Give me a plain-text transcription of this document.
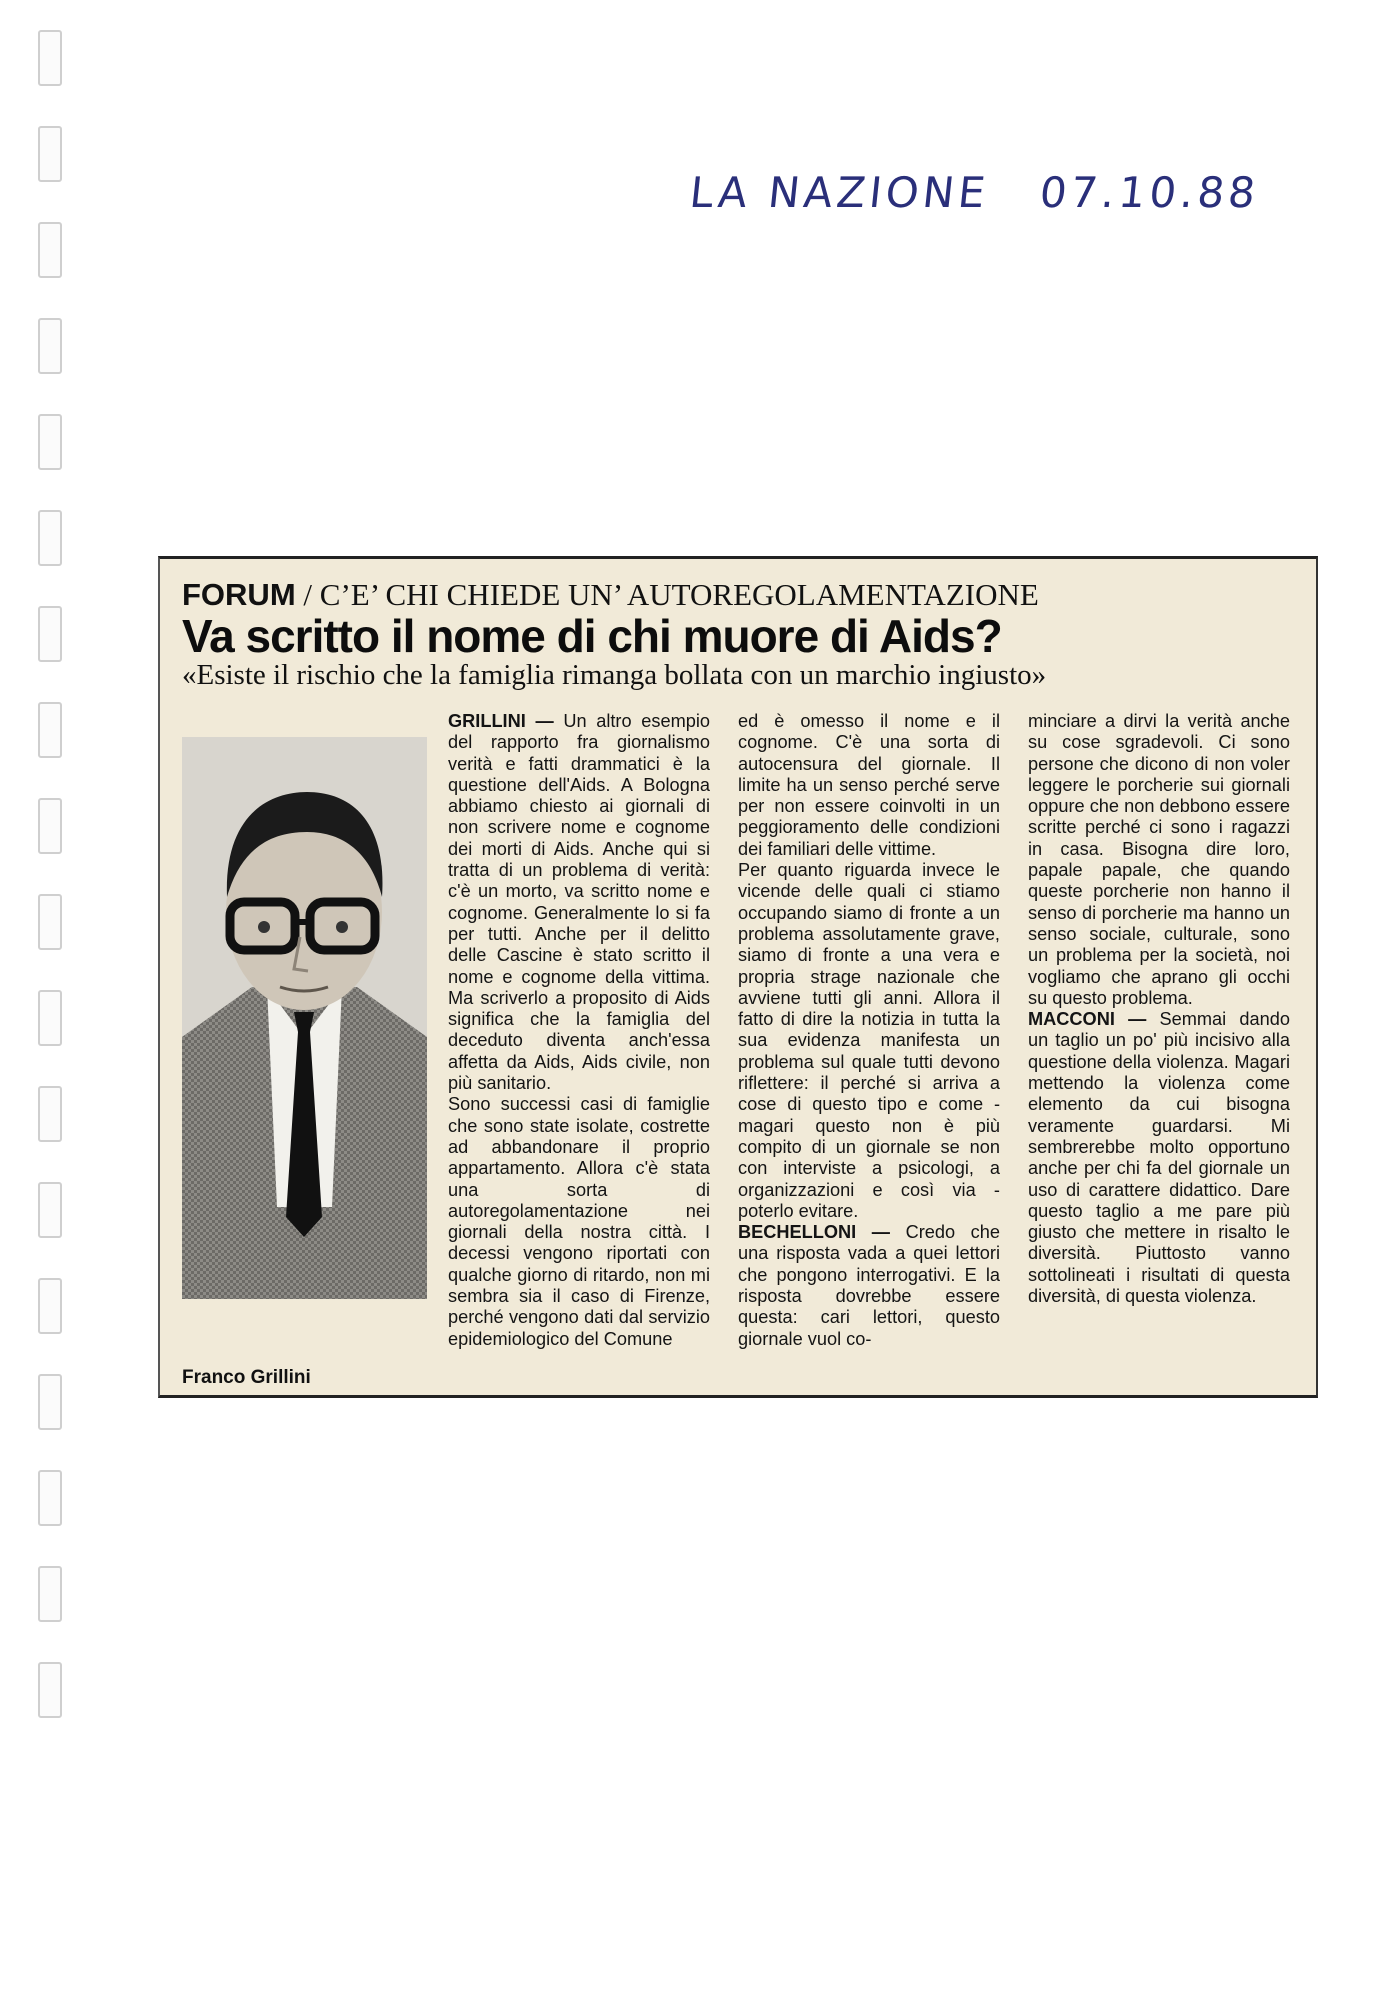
LA NAZIONE 07.10.88
FORUM / C’E’ CHI CHIEDE UN’ AUTOREGOLAMENTAZIONE
Va scritto il nome di chi muore di Aids?
«Esiste il rischio che la famiglia rimanga bollata con un marchio ingiusto»
Franco Grillini

GRILLINI — Un altro esempio del rapporto fra giornalismo verità e fatti drammatici è la questione dell'Aids. A Bologna abbiamo chiesto ai giornali di non scrivere nome e cognome dei morti di Aids. Anche qui si tratta di un problema di verità: c'è un morto, va scritto nome e cognome. Generalmente lo si fa per tutti. Anche per il delitto delle Cascine è stato scritto il nome e cognome della vittima. Ma scriverlo a proposito di Aids significa che la famiglia del deceduto diventa anch'essa affetta da Aids, Aids civile, non più sanitario.

Sono successi casi di famiglie che sono state isolate, costrette ad abbandonare il proprio appartamento. Allora c'è stata una sorta di autoregolamentazione nei giornali della nostra città. I decessi vengono riportati con qualche giorno di ritardo, non mi sembra sia il caso di Firenze, perché vengono dati dal servizio epidemiologico del Comune

ed è omesso il nome e il cognome. C'è una sorta di autocensura del giornale. Il limite ha un senso perché serve per non essere coinvolti in un peggioramento delle condizioni dei familiari delle vittime.

Per quanto riguarda invece le vicende delle quali ci stiamo occupando siamo di fronte a un problema assolutamente grave, siamo di fronte a una vera e propria strage nazionale che avviene tutti gli anni. Allora il fatto di dire la notizia in tutta la sua evidenza manifesta un problema sul quale tutti devono riflettere: il perché si arriva a cose di questo tipo e come - magari questo non è più compito di un giornale se non con interviste a psicologi, a organizzazioni e così via - poterlo evitare.

BECHELLONI — Credo che una risposta vada a quei lettori che pongono interrogativi. E la risposta dovrebbe essere questa: cari lettori, questo giornale vuol co-

minciare a dirvi la verità anche su cose sgradevoli. Ci sono persone che dicono di non voler leggere le porcherie sui giornali oppure che non debbono essere scritte perché ci sono i ragazzi in casa. Bisogna dire loro, papale papale, che quando queste porcherie non hanno il senso di porcherie ma hanno un senso sociale, culturale, sono un problema per la società, noi vogliamo che aprano gli occhi su questo problema.

MACCONI — Semmai dando un taglio un po' più incisivo alla questione della violenza. Magari mettendo la violenza come elemento da cui bisogna veramente guardarsi. Mi sembrerebbe molto opportuno anche per chi fa del giornale un uso di carattere didattico. Dare questo taglio a me pare più giusto che mettere in risalto le diversità. Piuttosto vanno sottolineati i risultati di questa diversità, di questa violenza.
